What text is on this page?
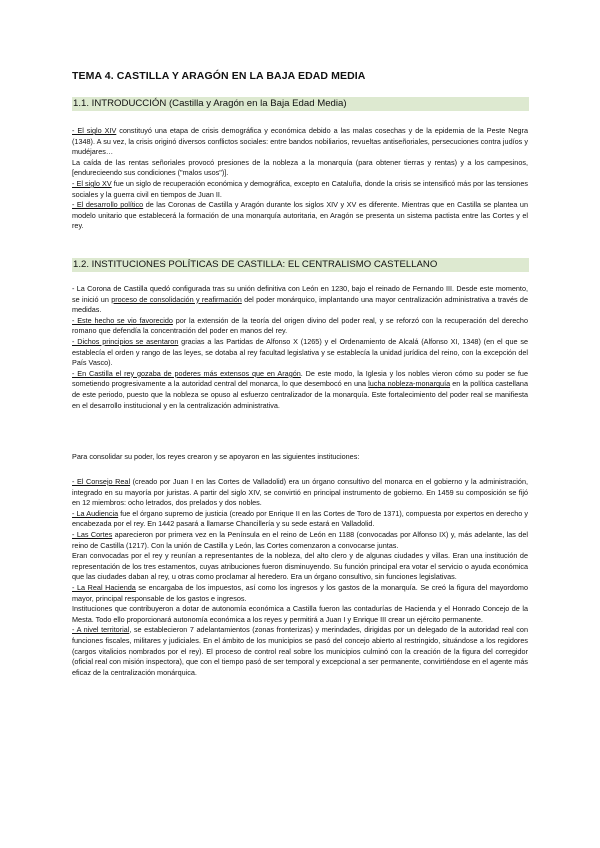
TEMA 4. CASTILLA Y ARAGÓN EN LA BAJA EDAD MEDIA
1.1. INTRODUCCIÓN (Castilla y Aragón en la Baja Edad Media)

- El siglo XIV constituyó una etapa de crisis demográfica y económica debido a las malas cosechas y de la epidemia de la Peste Negra (1348). A su vez, la crisis originó diversos conflictos sociales: entre bandos nobiliarios, revueltas antiseñoriales, persecuciones contra judíos y mudéjares…

La caída de las rentas señoriales provocó presiones de la nobleza a la monarquía (para obtener tierras y rentas) y a los campesinos, [endurecieendo sus condiciones ("malos usos")].

- El siglo XV fue un siglo de recuperación económica y demográfica, excepto en Cataluña, donde la crisis se intensificó más por las tensiones sociales y la guerra civil en tiempos de Juan II.

- El desarrollo político de las Coronas de Castilla y Aragón durante los siglos XIV y XV es diferente. Mientras que en Castilla se plantea un modelo unitario que establecerá la formación de una monarquía autoritaria, en Aragón se presenta un sistema pactista entre las Cortes y el rey.

1.2. INSTITUCIONES POLÍTICAS DE CASTILLA: EL CENTRALISMO CASTELLANO

- La Corona de Castilla quedó configurada tras su unión definitiva con León en 1230, bajo el reinado de Fernando III. Desde este momento, se inició un proceso de consolidación y reafirmación del poder monárquico, implantando una mayor centralización administrativa a través de medidas.

- Este hecho se vio favorecido por la extensión de la teoría del origen divino del poder real, y se reforzó con la recuperación del derecho romano que defendía la concentración del poder en manos del rey.

- Dichos principios se asentaron gracias a las Partidas de Alfonso X (1265) y el Ordenamiento de Alcalá (Alfonso XI, 1348) (en el que se establecía el orden y rango de las leyes, se dotaba al rey facultad legislativa y se establecía la unidad jurídica del reino, con la excepción del País Vasco).

- En Castilla el rey gozaba de poderes más extensos que en Aragón. De este modo, la Iglesia y los nobles vieron cómo su poder se fue sometiendo progresivamente a la autoridad central del monarca, lo que desembocó en una lucha nobleza-monarquía en la política castellana de este periodo, puesto que la nobleza se opuso al esfuerzo centralizador de la monarquía. Este fortalecimiento del poder real se manifiesta en el desarrollo institucional y en la centralización administrativa.

Para consolidar su poder, los reyes crearon y se apoyaron en las siguientes instituciones:

- El Consejo Real (creado por Juan I en las Cortes de Valladolid) era un órgano consultivo del monarca en el gobierno y la administración, integrado en su mayoría por juristas. A partir del siglo XIV, se convirtió en principal instrumento de gobierno. En 1459 su composición se fijó en 12 miembros: ocho letrados, dos prelados y dos nobles.

- La Audiencia fue el órgano supremo de justicia (creado por Enrique II en las Cortes de Toro de 1371), compuesta por expertos en derecho y encabezada por el rey. En 1442 pasará a llamarse Chancillería y su sede estará en Valladolid.

- Las Cortes aparecieron por primera vez en la Península en el reino de León en 1188 (convocadas por Alfonso IX) y, más adelante, las del reino de Castilla (1217). Con la unión de Castilla y León, las Cortes comenzaron a convocarse juntas.

Eran convocadas por el rey y reunían a representantes de la nobleza, del alto clero y de algunas ciudades y villas. Eran una institución de representación de los tres estamentos, cuyas atribuciones fueron disminuyendo. Su función principal era votar el servicio o ayuda económica que las ciudades daban al rey, u otras como proclamar al heredero. Era un órgano consultivo, sin funciones legislativas.

- La Real Hacienda se encargaba de los impuestos, así como los ingresos y los gastos de la monarquía. Se creó la figura del mayordomo mayor, principal responsable de los gastos e ingresos.

Instituciones que contribuyeron a dotar de autonomía económica a Castilla fueron las contadurías de Hacienda y el Honrado Concejo de la Mesta. Todo ello proporcionará autonomía económica a los reyes y permitirá a Juan I y Enrique III crear un ejército permanente.

- A nivel territorial, se establecieron 7 adelantamientos (zonas fronterizas) y merindades, dirigidas por un delegado de la autoridad real con funciones fiscales, militares y judiciales. En el ámbito de los municipios se pasó del concejo abierto al restringido, situándose a los regidores (cargos vitalicios nombrados por el rey). El proceso de control real sobre los municipios culminó con la creación de la figura del corregidor (oficial real con misión inspectora), que con el tiempo pasó de ser temporal y excepcional a ser permanente, convirtiéndose en el agente más eficaz de la centralización monárquica.
